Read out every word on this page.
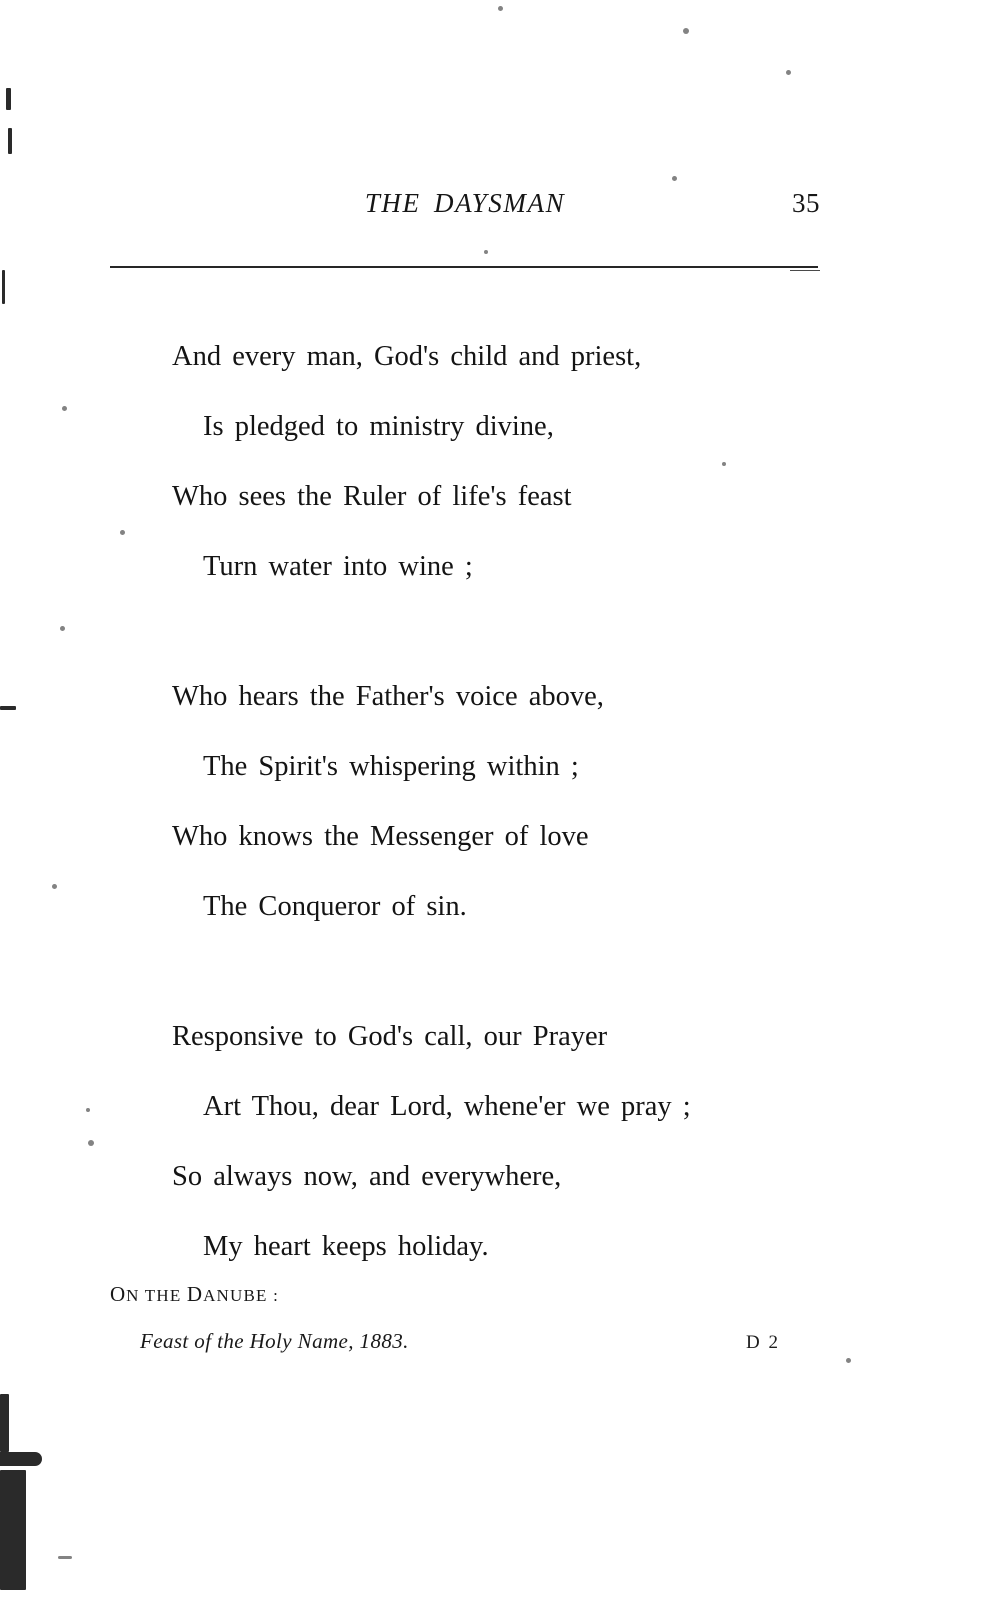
THE DAYSMAN	35
And every man, God's child and priest,
Is pledged to ministry divine,
Who sees the Ruler of life's feast
Turn water into wine ;
Who hears the Father's voice above,
The Spirit's whispering within ;
Who knows the Messenger of love
The Conqueror of sin.
Responsive to God's call, our Prayer
Art Thou, dear Lord, whene'er we pray ;
So always now, and everywhere,
My heart keeps holiday.
ON THE DANUBE :
Feast of the Holy Name, 1883.	D 2
